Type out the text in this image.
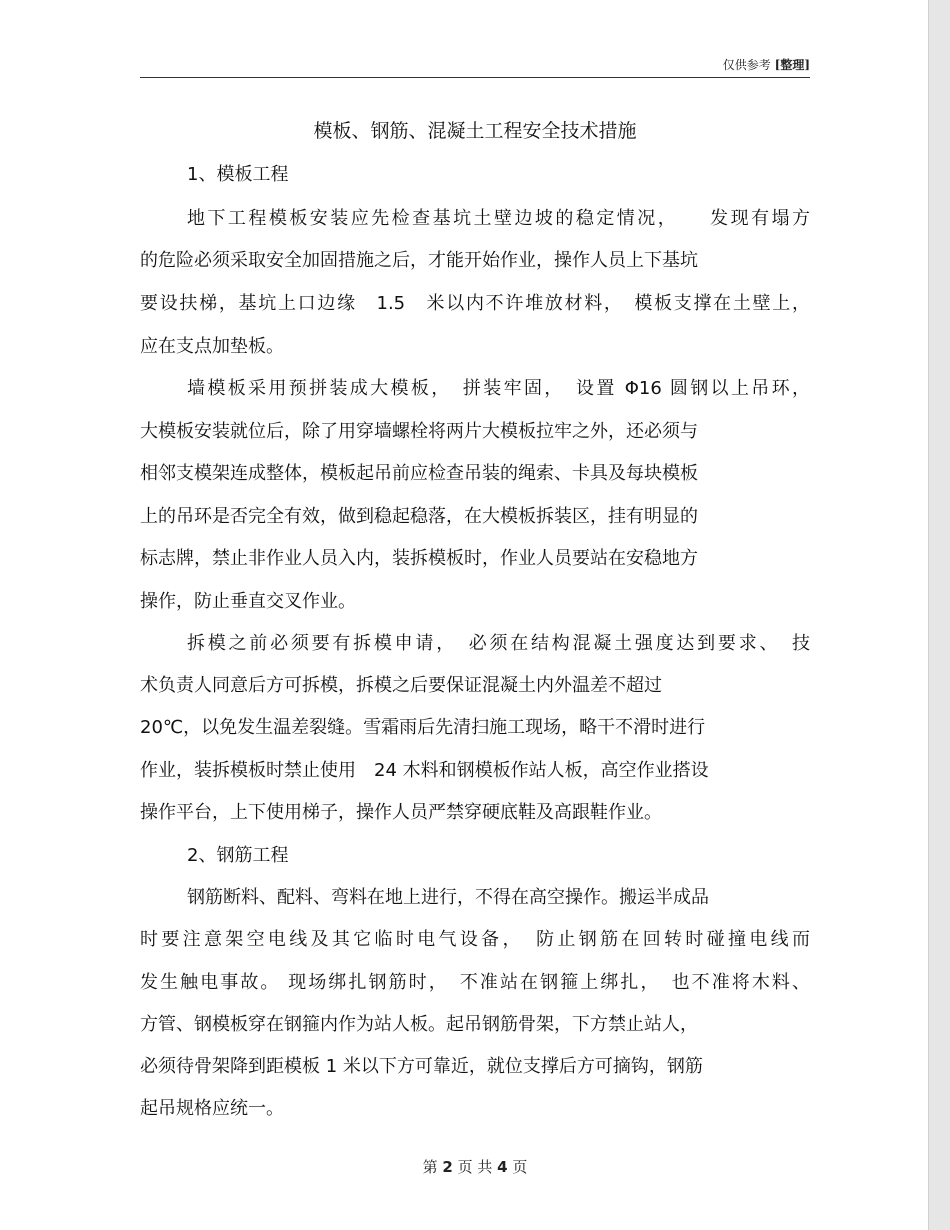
仅供参考 [整理]
模板、钢筋、混凝土工程安全技术措施
1、模板工程
地下工程模板安装应先检查基坑土壁边坡的稳定情况，　　发现有塌方
的危险必须采取安全加固措施之后，才能开始作业，操作人员上下基坑
要设扶梯，基坑上口边缘　1.5　米以内不许堆放材料，　模板支撑在土壁上，
应在支点加垫板。
墙模板采用预拼装成大模板，　拼装牢固，　设置 Φ16 圆钢以上吊环，
大模板安装就位后，除了用穿墙螺栓将两片大模板拉牢之外，还必须与
相邻支模架连成整体，模板起吊前应检查吊装的绳索、卡具及每块模板
上的吊环是否完全有效，做到稳起稳落，在大模板拆装区，挂有明显的
标志牌，禁止非作业人员入内，装拆模板时，作业人员要站在安稳地方
操作，防止垂直交叉作业。
拆模之前必须要有拆模申请，　必须在结构混凝土强度达到要求、　技
术负责人同意后方可拆模，拆模之后要保证混凝土内外温差不超过
20℃，以免发生温差裂缝。雪霜雨后先清扫施工现场，略干不滑时进行
作业，装拆模板时禁止使用　24 木料和钢模板作站人板，高空作业搭设
操作平台，上下使用梯子，操作人员严禁穿硬底鞋及高跟鞋作业。
2、钢筋工程
钢筋断料、配料、弯料在地上进行，不得在高空操作。搬运半成品
时要注意架空电线及其它临时电气设备，　防止钢筋在回转时碰撞电线而
发生触电事故。 现场绑扎钢筋时，　不准站在钢箍上绑扎，　也不准将木料、
方管、钢模板穿在钢箍内作为站人板。起吊钢筋骨架，下方禁止站人，
必须待骨架降到距模板 1 米以下方可靠近，就位支撑后方可摘钩，钢筋
起吊规格应统一。
第 2 页 共 4 页
